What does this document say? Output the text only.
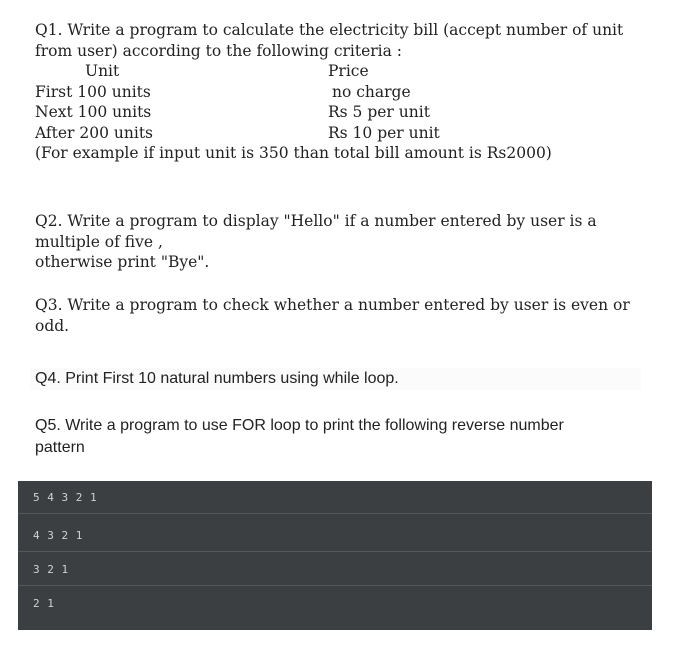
Q1. Write a program to calculate the electricity bill (accept number of unit
from user) according to the following criteria :
Unit	Price
First 100 units	no charge
Next 100 units	Rs 5 per unit
After 200 units	Rs 10 per unit
(For example if input unit is 350 than total bill amount is Rs2000)
Q2. Write a program to display "Hello" if a number entered by user is a
multiple of five ,
otherwise print "Bye".
Q3. Write a program to check whether a number entered by user is even or
odd.
Q4. Print First 10 natural numbers using while loop.
Q5. Write a program to use FOR loop to print the following reverse number
pattern
5 4 3 2 1
4 3 2 1
3 2 1
2 1
